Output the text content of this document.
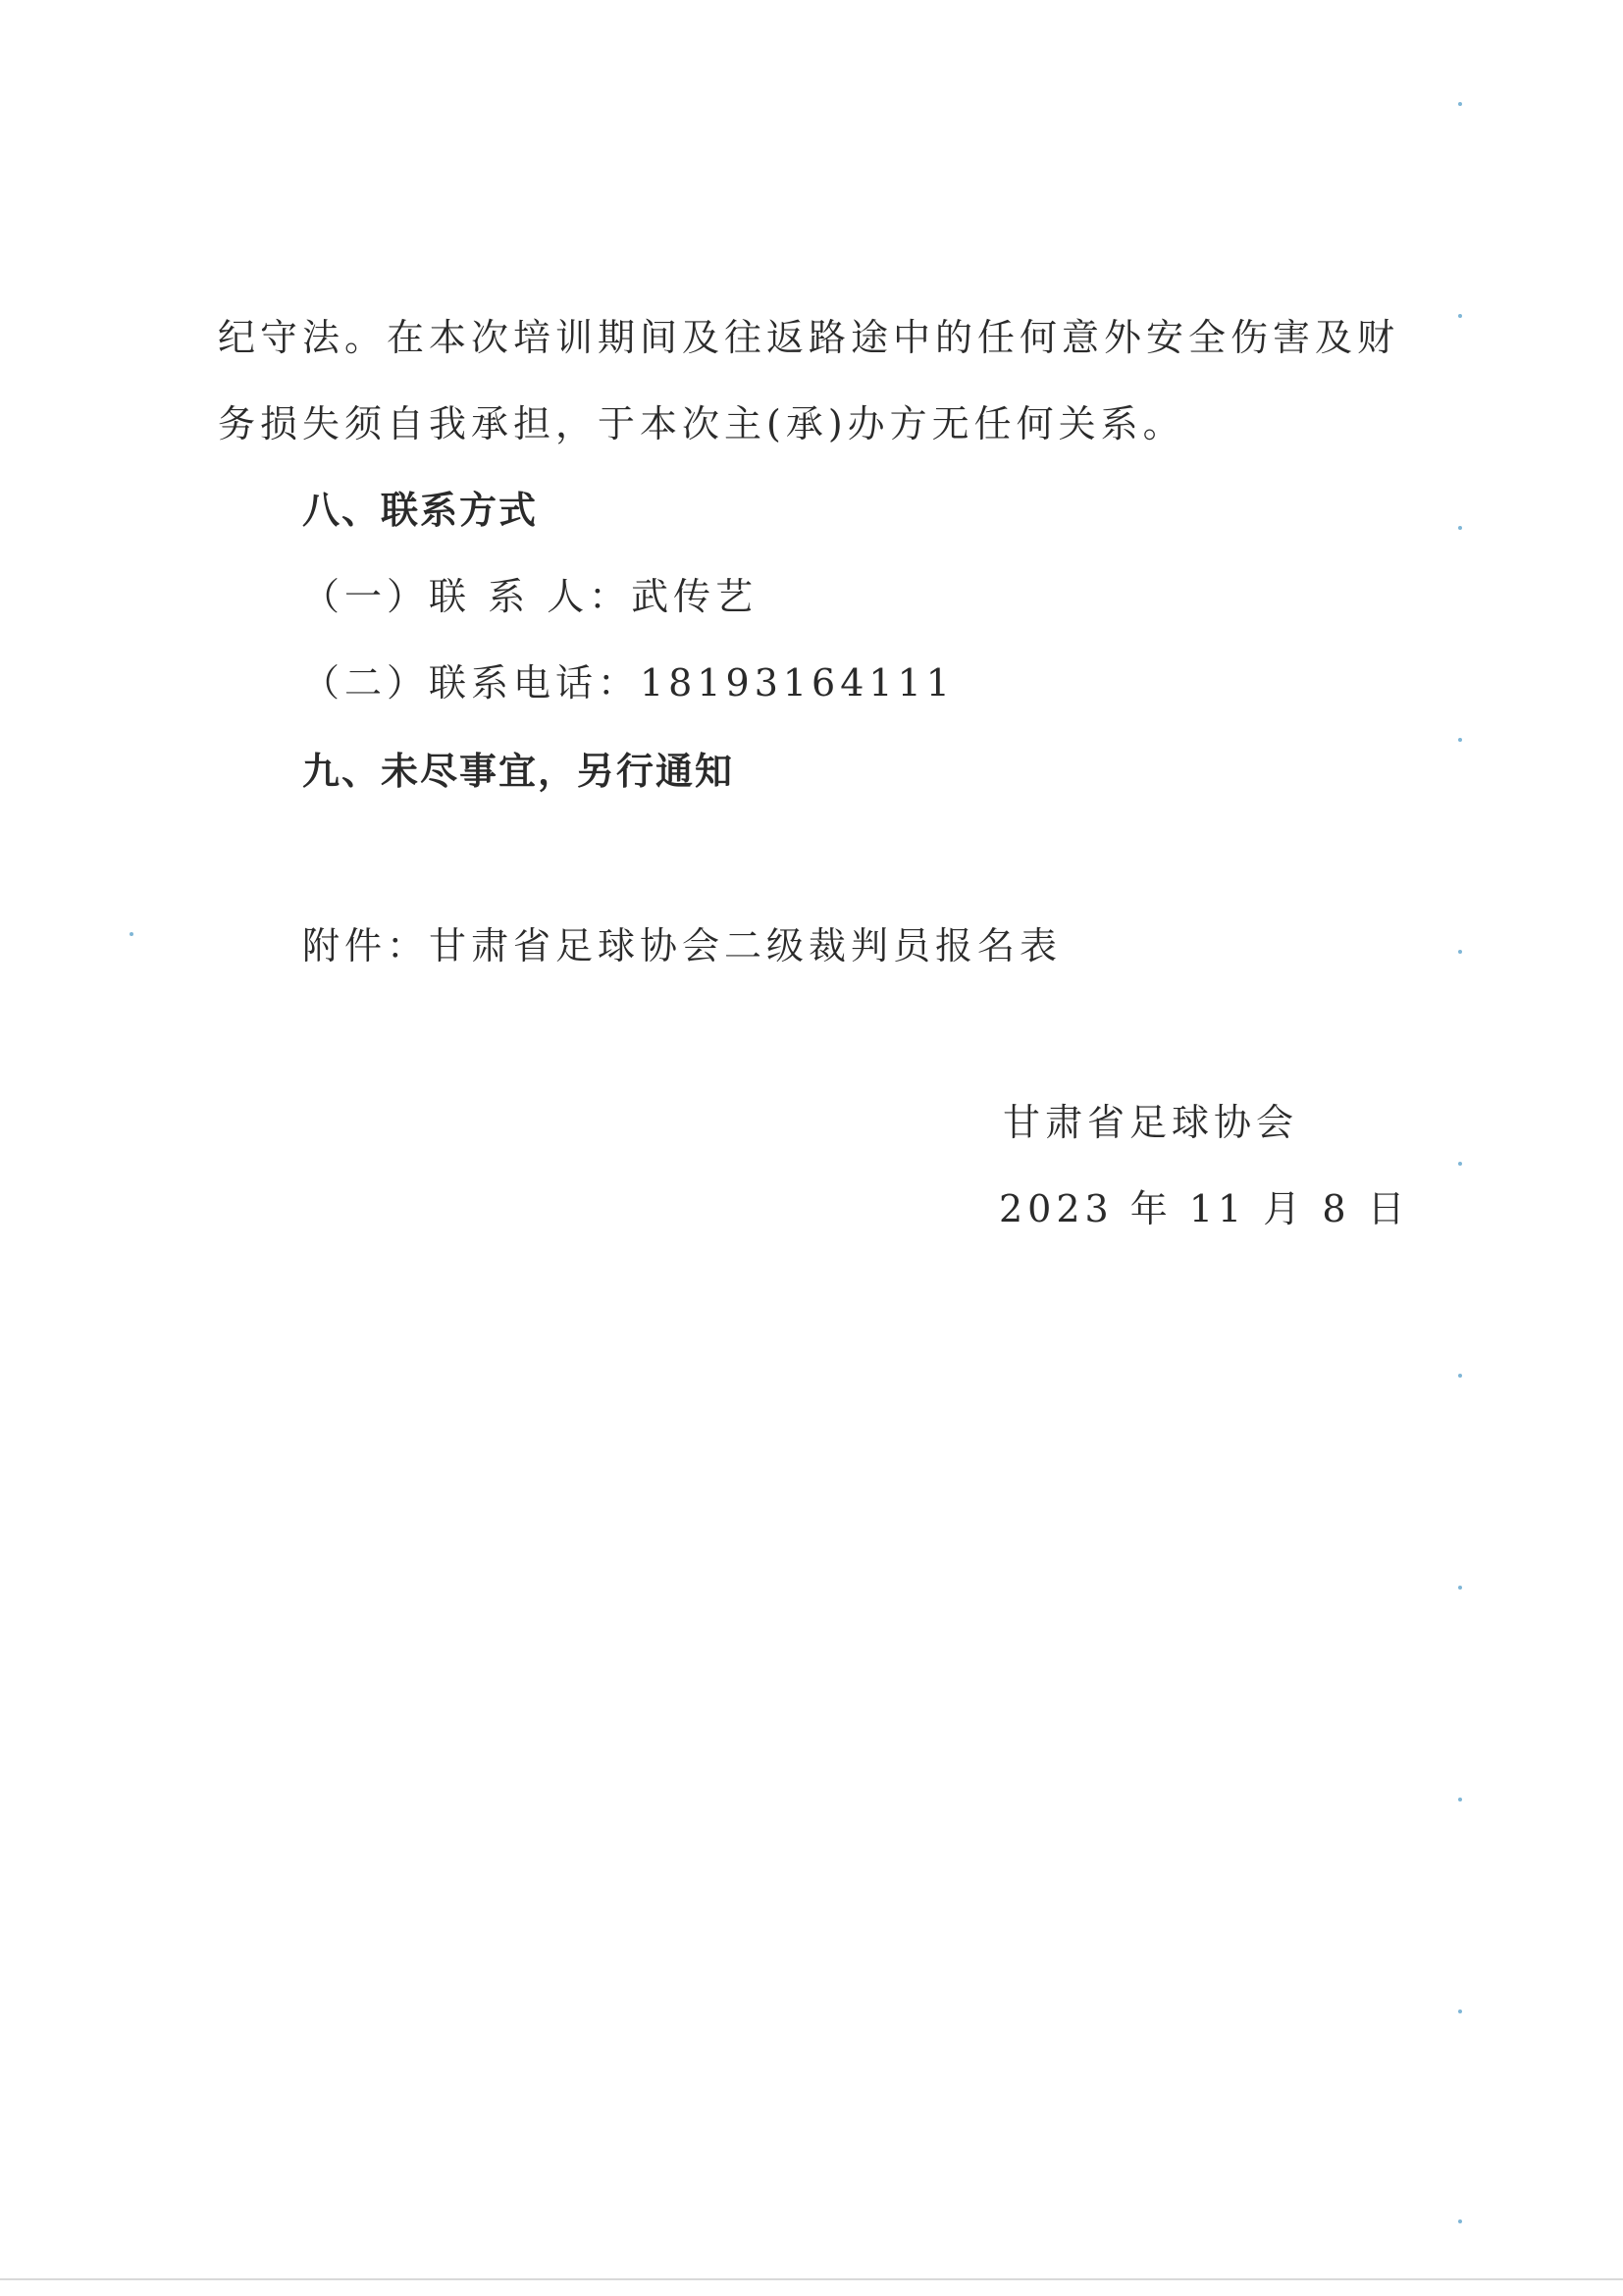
纪守法。在本次培训期间及往返路途中的任何意外安全伤害及财
务损失须自我承担，于本次主(承)办方无任何关系。
八、联系方式
（一）联 系 人：武传艺
（二）联系电话：18193164111
九、未尽事宜，另行通知
附件：甘肃省足球协会二级裁判员报名表
甘肃省足球协会
2023 年 11 月 8 日
